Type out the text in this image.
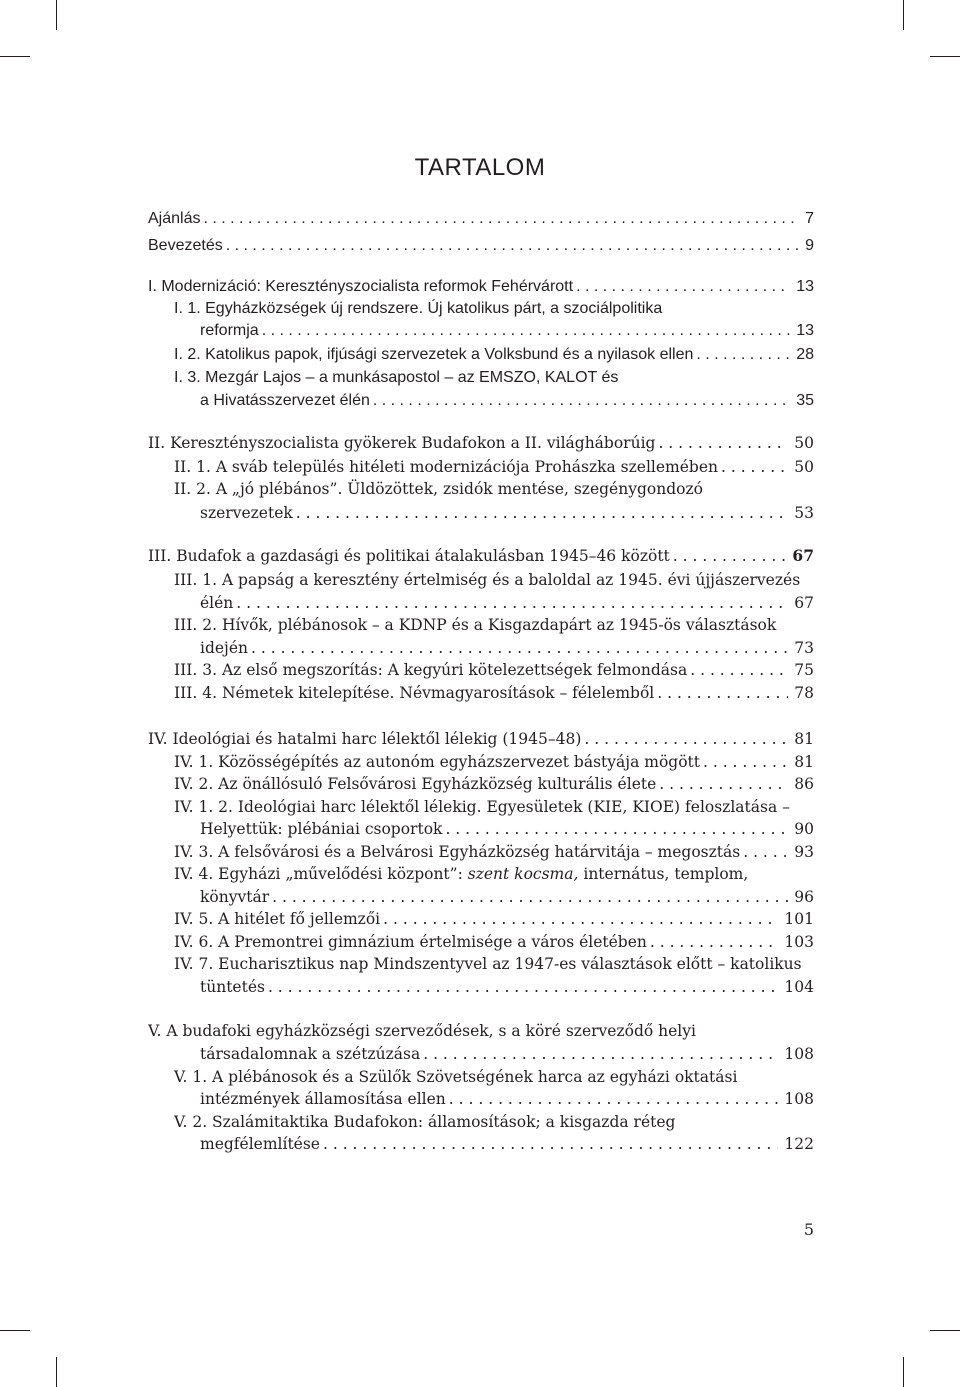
TARTALOM
Ajánlás . . .	7
Bevezetés . . .	9
I. Modernizáció: Keresztényszocialista reformok Fehérvárott . . .	13
I. 1. Egyházközségek új rendszere. Új katolikus párt, a szociálpolitika
reformja . . .	13
I. 2. Katolikus papok, ifjúsági szervezetek a Volksbund és a nyilasok ellen . . .	28
I. 3. Mezgár Lajos – a munkásapostol – az EMSZO, KALOT és
a Hivatásszervezet élén . . .	35
II. Keresztényszocialista gyökerek Budafokon a II. világháborúig . . .	50
II. 1. A sváb település hitéleti modernizációja Prohászka szellemében . . .	50
II. 2. A „jó plébános”. Üldözöttek, zsidók mentése, szegénygondozó
szervezetek . . .	53
III. Budafok a gazdasági és politikai átalakulásban 1945–46 között . . .	67
III. 1. A papság a keresztény értelmiség és a baloldal az 1945. évi újjászervezés
élén . . .	67
III. 2. Hívők, plébánosok – a KDNP és a Kisgazdapárt az 1945-ös választások
idején . . .	73
III. 3. Az első megszorítás: A kegyúri kötelezettségek felmondása . . .	75
III. 4. Németek kitelepítése. Névmagyarosítások – félelemből . . .	78
IV. Ideológiai és hatalmi harc lélektől lélekig (1945–48) . . .	81
IV. 1. Közösségépítés az autonóm egyházszervezet bástyája mögött . . .	81
IV. 2. Az önállósuló Felsővárosi Egyházközség kulturális élete . . .	86
IV. 1. 2. Ideológiai harc lélektől lélekig. Egyesületek (KIE, KIOE) feloszlatása –
Helyettük: plébániai csoportok . . .	90
IV. 3. A felsővárosi és a Belvárosi Egyházközség határvitája – megosztás . . .	93
IV. 4. Egyházi „művelődési központ”:
szent kocsma,
internátus, templom,
könyvtár . . .	96
IV. 5. A hitélet fő jellemzői . . .	101
IV. 6. A Premontrei gimnázium értelmisége a város életében . . .	103
IV. 7. Eucharisztikus nap Mindszentyvel az 1947-es választások előtt – katolikus
tüntetés . . .	104
V. A budafoki egyházközségi szerveződések, s a köré szerveződő helyi
társadalomnak a szétzúzása . . .	108
V. 1. A plébánosok és a Szülők Szövetségének harca az egyházi oktatási
intézmények államosítása ellen . . .	108
V. 2. Szalámitaktika Budafokon: államosítások; a kisgazda réteg
megfélemlítése . . .	122
5
